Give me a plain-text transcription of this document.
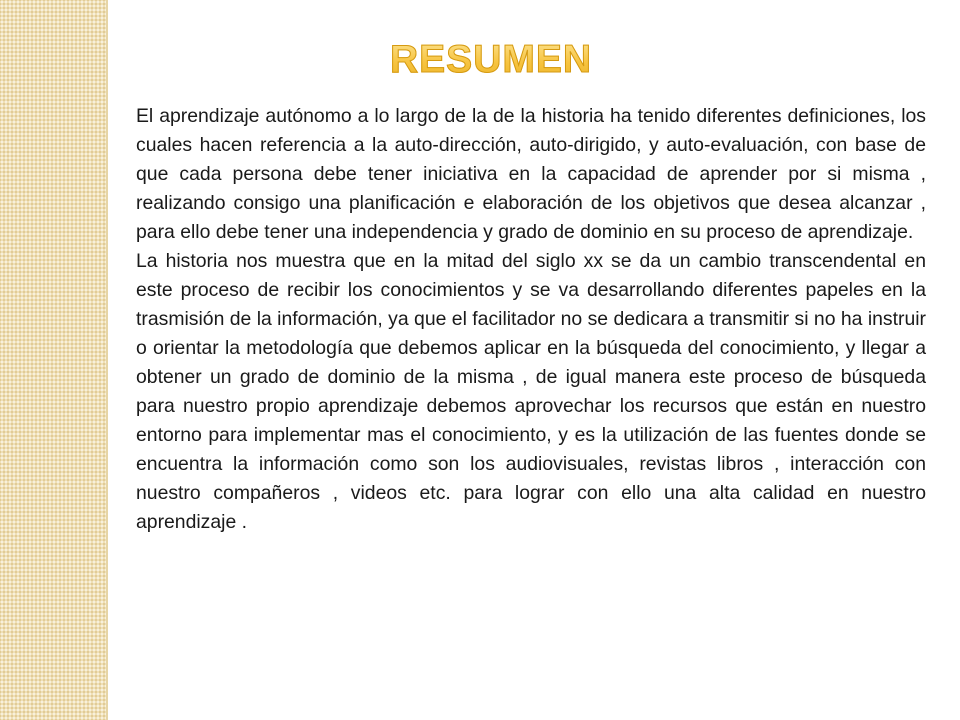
RESUMEN

El aprendizaje autónomo a lo largo de la de la historia ha tenido diferentes definiciones, los cuales hacen referencia a la auto-dirección, auto-dirigido, y auto-evaluación, con base de que cada persona debe tener iniciativa en la capacidad de aprender por si misma , realizando consigo una planificación e elaboración de los objetivos que desea alcanzar , para ello debe tener una independencia y grado de dominio en su proceso de aprendizaje.

La historia nos muestra que en la mitad del siglo xx se da un cambio transcendental en este proceso de recibir los conocimientos y se va desarrollando diferentes papeles en la trasmisión de la información, ya que el facilitador no se dedicara a transmitir si no ha instruir o orientar la metodología que debemos aplicar en la búsqueda del conocimiento, y llegar a obtener un grado de dominio de la misma , de igual manera este proceso de búsqueda para nuestro propio aprendizaje debemos aprovechar los recursos que están en nuestro entorno para implementar mas el conocimiento, y es la utilización de las fuentes donde se encuentra la información como son los audiovisuales, revistas libros , interacción con nuestro compañeros , videos etc. para lograr con ello una alta calidad en nuestro aprendizaje .
